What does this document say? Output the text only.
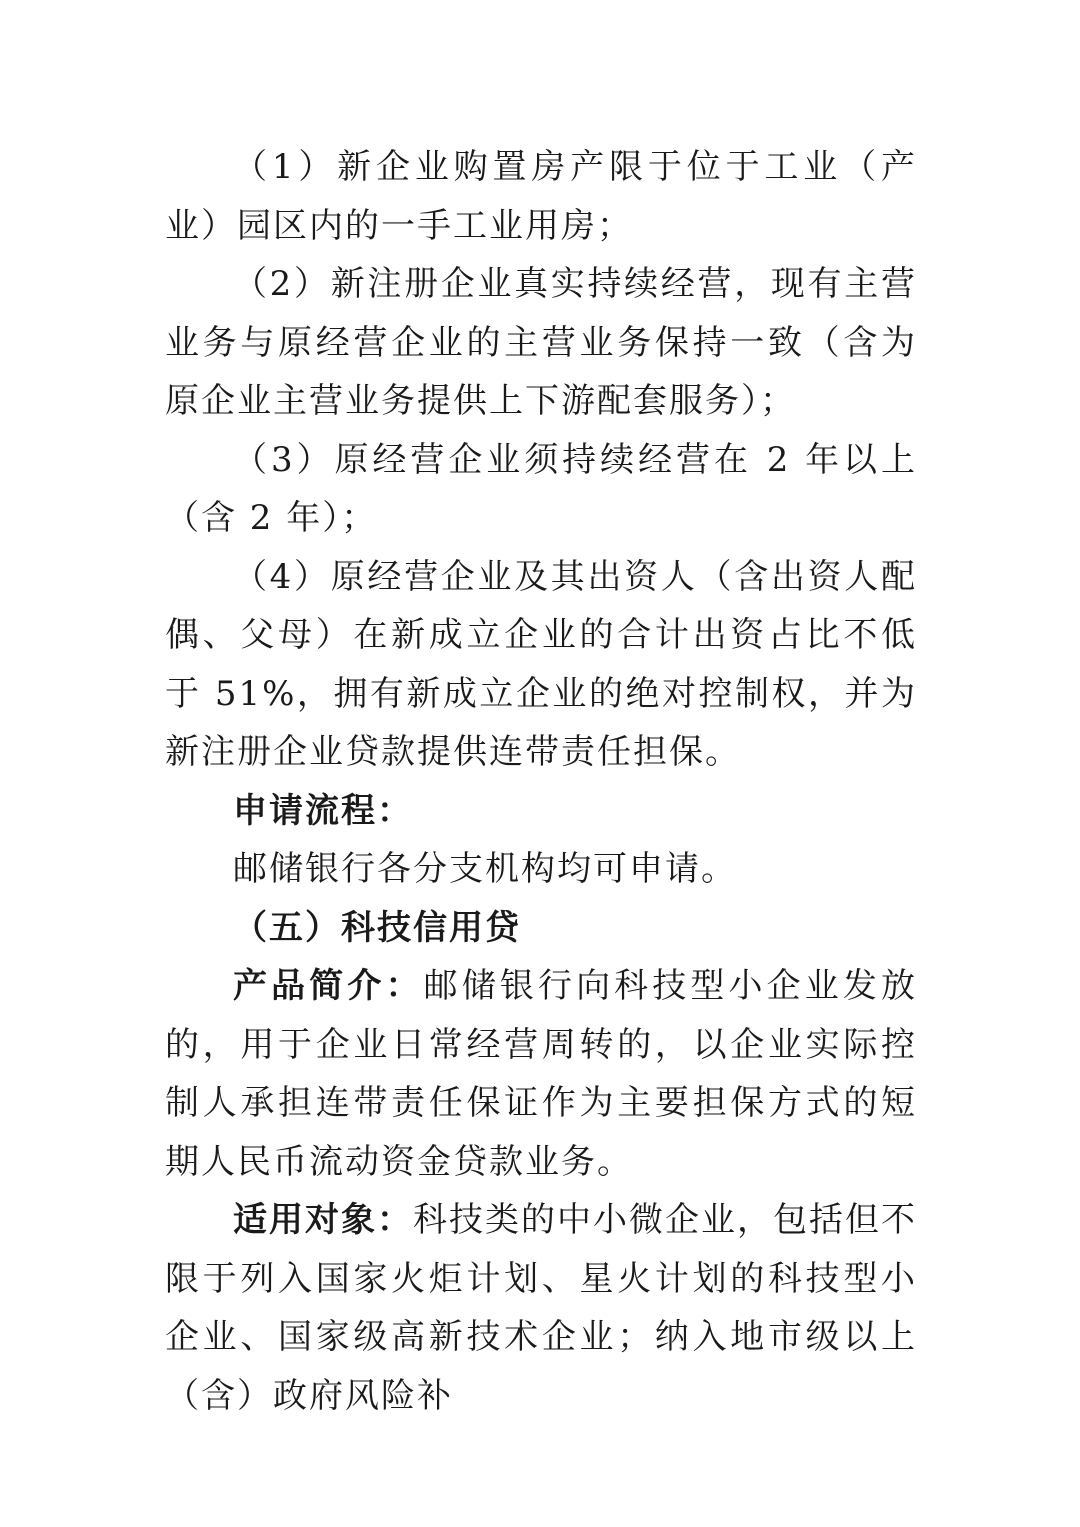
（1）新企业购置房产限于位于工业（产业）园区内的一手工业用房；

（2）新注册企业真实持续经营，现有主营业务与原经营企业的主营业务保持一致（含为原企业主营业务提供上下游配套服务）；

（3）原经营企业须持续经营在 2 年以上（含 2 年）；

（4）原经营企业及其出资人（含出资人配偶、父母）在新成立企业的合计出资占比不低于 51%，拥有新成立企业的绝对控制权，并为新注册企业贷款提供连带责任担保。

申请流程：

邮储银行各分支机构均可申请。

（五）科技信用贷

产品简介：邮储银行向科技型小企业发放的，用于企业日常经营周转的，以企业实际控制人承担连带责任保证作为主要担保方式的短期人民币流动资金贷款业务。

适用对象：科技类的中小微企业，包括但不限于列入国家火炬计划、星火计划的科技型小企业、国家级高新技术企业；纳入地市级以上（含）政府风险补
